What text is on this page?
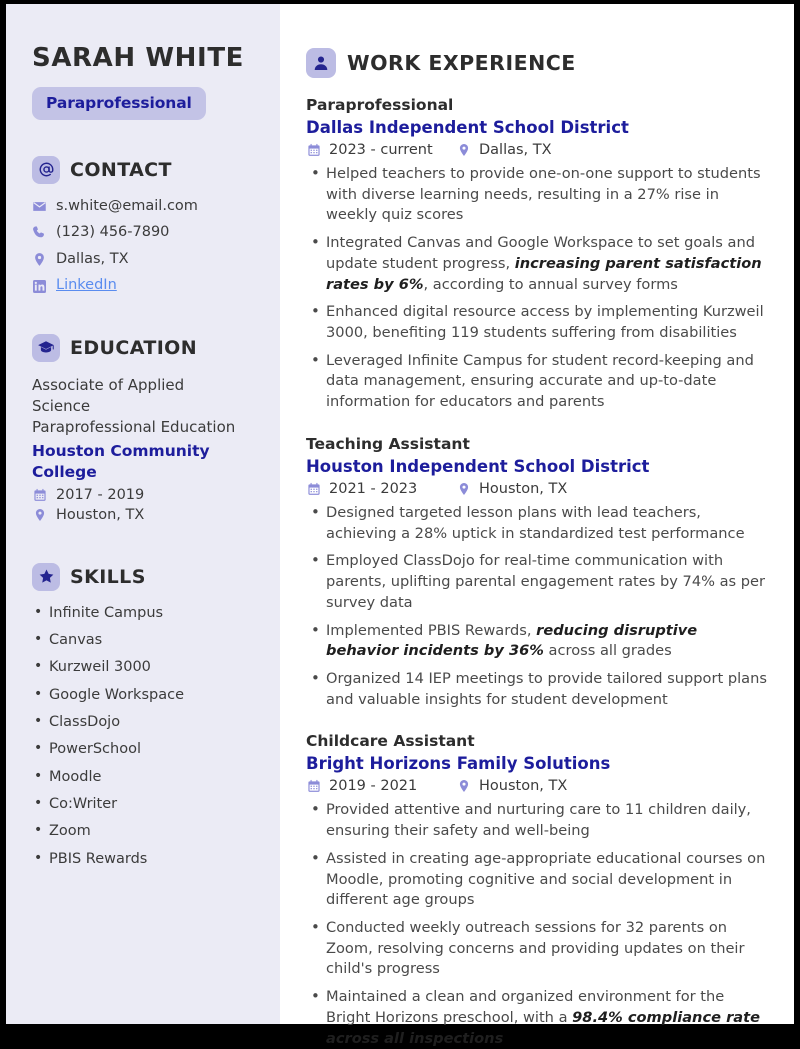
SARAH WHITE
Paraprofessional
CONTACT
s.white@email.com
(123) 456-7890
Dallas, TX
LinkedIn
EDUCATION
Associate of Applied Science
Paraprofessional Education
Houston Community College
2017 - 2019
Houston, TX
SKILLS
• Infinite Campus
• Canvas
• Kurzweil 3000
• Google Workspace
• ClassDojo
• PowerSchool
• Moodle
• Co:Writer
• Zoom
• PBIS Rewards
WORK EXPERIENCE
Paraprofessional
Dallas Independent School District
2023 - current	Dallas, TX
• Helped teachers to provide one-on-one support to students with diverse learning needs, resulting in a 27% rise in weekly quiz scores
• Integrated Canvas and Google Workspace to set goals and update student progress, increasing parent satisfaction rates by 6%, according to annual survey forms
• Enhanced digital resource access by implementing Kurzweil 3000, benefiting 119 students suffering from disabilities
• Leveraged Infinite Campus for student record-keeping and data management, ensuring accurate and up-to-date information for educators and parents
Teaching Assistant
Houston Independent School District
2021 - 2023	Houston, TX
• Designed targeted lesson plans with lead teachers, achieving a 28% uptick in standardized test performance
• Employed ClassDojo for real-time communication with parents, uplifting parental engagement rates by 74% as per survey data
• Implemented PBIS Rewards, reducing disruptive behavior incidents by 36% across all grades
• Organized 14 IEP meetings to provide tailored support plans and valuable insights for student development
Childcare Assistant
Bright Horizons Family Solutions
2019 - 2021	Houston, TX
• Provided attentive and nurturing care to 11 children daily, ensuring their safety and well-being
• Assisted in creating age-appropriate educational courses on Moodle, promoting cognitive and social development in different age groups
• Conducted weekly outreach sessions for 32 parents on Zoom, resolving concerns and providing updates on their child's progress
• Maintained a clean and organized environment for the Bright Horizons preschool, with a 98.4% compliance rate across all inspections
